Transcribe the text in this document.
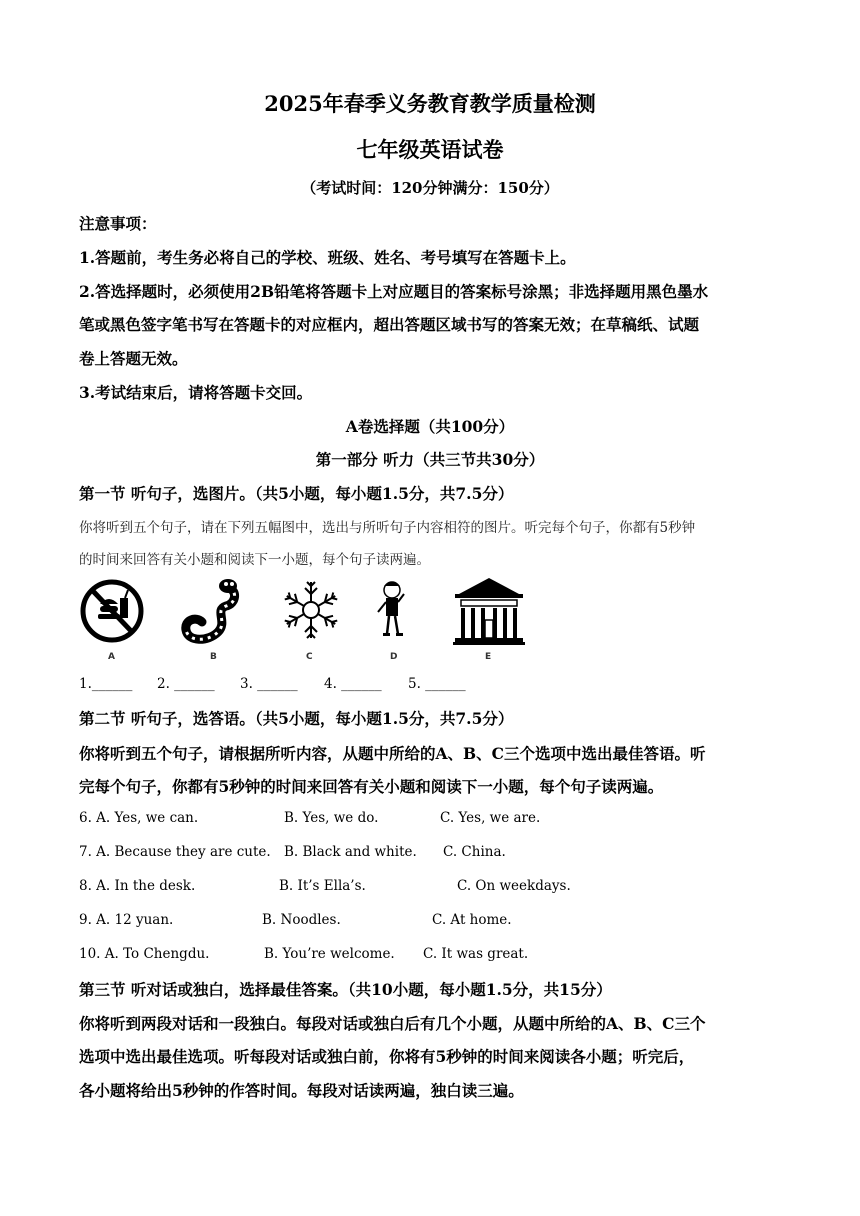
2025年春季义务教育教学质量检测
七年级英语试卷
（考试时间：120分钟满分：150分）
注意事项：
1.答题前，考生务必将自己的学校、班级、姓名、考号填写在答题卡上。
2.答选择题时，必须使用2B铅笔将答题卡上对应题目的答案标号涂黑；非选择题用黑色墨水
笔或黑色签字笔书写在答题卡的对应框内，超出答题区域书写的答案无效；在草稿纸、试题
卷上答题无效。
3.考试结束后，请将答题卡交回。
A卷选择题（共100分）
第一部分 听力（共三节共30分）
第一节 听句子，选图片。（共5小题，每小题1.5分，共7.5分）
你将听到五个句子，请在下列五幅图中，选出与所听句子内容相符的图片。听完每个句子，你都有5秒钟
的时间来回答有关小题和阅读下一小题，每个句子读两遍。
A	B	C	D	E
1.______ 2. ______ 3. ______ 4. ______ 5. ______
第二节 听句子，选答语。（共5小题，每小题1.5分，共7.5分）
你将听到五个句子，请根据所听内容，从题中所给的A、B、C三个选项中选出最佳答语。听
完每个句子，你都有5秒钟的时间来回答有关小题和阅读下一小题，每个句子读两遍。
6. A. Yes, we can.	B. Yes, we do.	C. Yes, we are.
7. A. Because they are cute. B. Black and white. C. China.
8. A. In the desk.	B. It’s Ella’s.	C. On weekdays.
9. A. 12 yuan.	B. Noodles.	C. At home.
10. A. To Chengdu.	B. You’re welcome. C. It was great.
第三节 听对话或独白，选择最佳答案。（共10小题，每小题1.5分，共15分）
你将听到两段对话和一段独白。每段对话或独白后有几个小题，从题中所给的A、B、C三个
选项中选出最佳选项。听每段对话或独白前，你将有5秒钟的时间来阅读各小题；听完后，
各小题将给出5秒钟的作答时间。每段对话读两遍，独白读三遍。
